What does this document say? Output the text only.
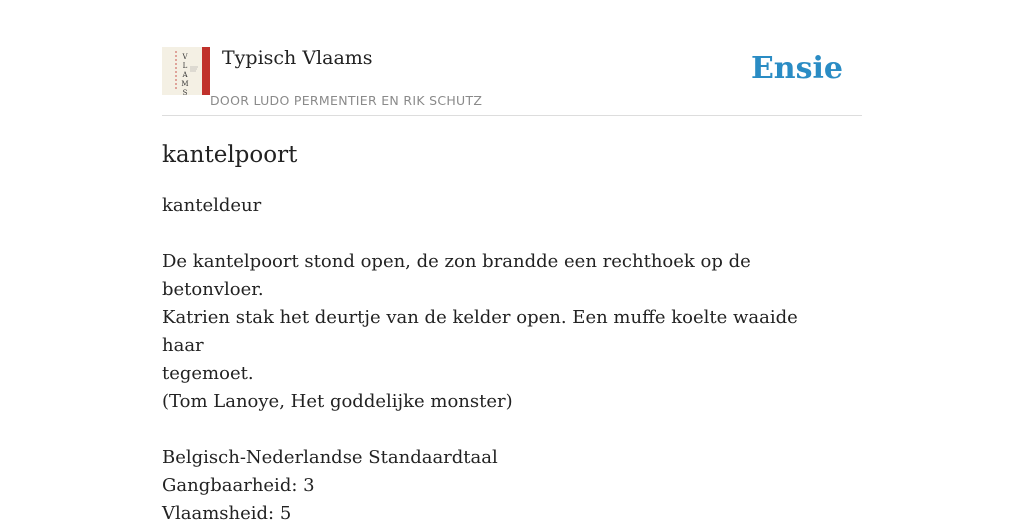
V
L
A
M
S
Typisch Vlaams
DOOR LUDO PERMENTIER EN RIK SCHUTZ
Ensie
kantelpoort

kanteldeur

De kantelpoort stond open, de zon brandde een rechthoek op de betonvloer.

Katrien stak het deurtje van de kelder open. Een muffe koelte waaide haar

tegemoet.

(Tom Lanoye, Het goddelijke monster)

Belgisch-Nederlandse Standaardtaal

Gangbaarheid: 3

Vlaamsheid: 5
